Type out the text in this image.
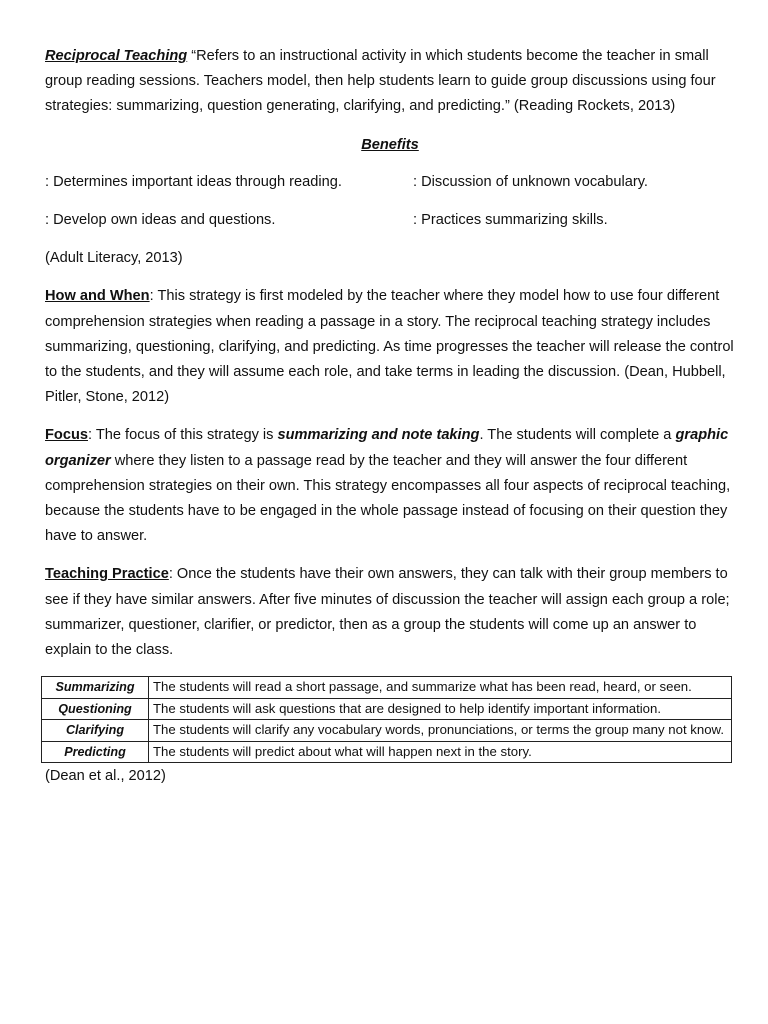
Reciprocal Teaching “Refers to an instructional activity in which students become the teacher in small group reading sessions. Teachers model, then help students learn to guide group discussions using four strategies: summarizing, question generating, clarifying, and predicting.” (Reading Rockets, 2013)

Benefits

: Determines important ideas through reading.	: Discussion of unknown vocabulary.
: Develop own ideas and questions.	: Practices summarizing skills.

(Adult Literacy, 2013)

How and When: This strategy is first modeled by the teacher where they model how to use four different comprehension strategies when reading a passage in a story. The reciprocal teaching strategy includes summarizing, questioning, clarifying, and predicting. As time progresses the teacher will release the control to the students, and they will assume each role, and take terms in leading the discussion. (Dean, Hubbell, Pitler, Stone, 2012)

Focus: The focus of this strategy is summarizing and note taking. The students will complete a graphic organizer where they listen to a passage read by the teacher and they will answer the four different comprehension strategies on their own. This strategy encompasses all four aspects of reciprocal teaching, because the students have to be engaged in the whole passage instead of focusing on their question they have to answer.

Teaching Practice: Once the students have their own answers, they can talk with their group members to see if they have similar answers. After five minutes of discussion the teacher will assign each group a role; summarizer, questioner, clarifier, or predictor, then as a group the students will come up an answer to explain to the class.

Summarizing	The students will read a short passage, and summarize what has been read, heard, or seen.
Questioning	The students will ask questions that are designed to help identify important information.
Clarifying	The students will clarify any vocabulary words, pronunciations, or terms the group many not know.
Predicting	The students will predict about what will happen next in the story.

(Dean et al., 2012)
